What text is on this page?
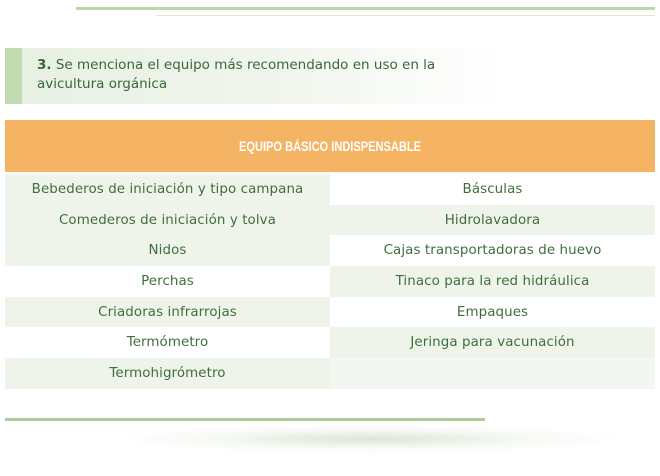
3. Se menciona el equipo más recomendando en uso en la avicultura orgánica
EQUIPO BÁSICO INDISPENSABLE
Bebederos de iniciación y tipo campana	Básculas
Comederos de iniciación y tolva	Hidrolavadora
Nidos	Cajas transportadoras de huevo
Perchas	Tinaco para la red hidráulica
Criadoras infrarrojas	Empaques
Termómetro	Jeringa para vacunación
Termohigrómetro
